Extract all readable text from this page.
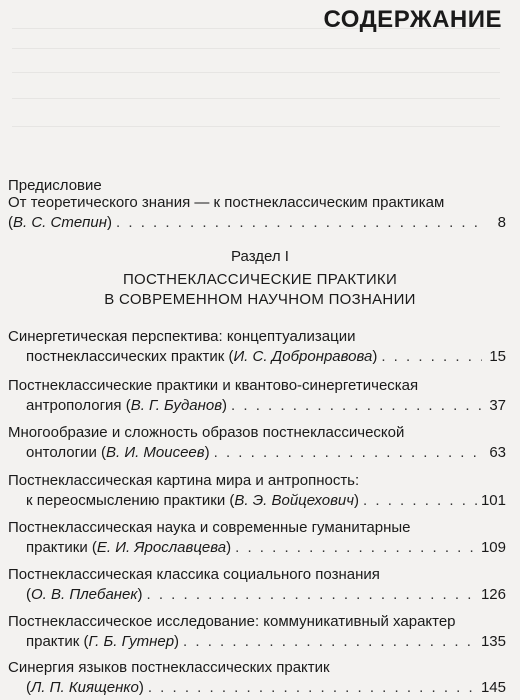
СОДЕРЖАНИЕ
Предисловие
От теоретического знания — к постнеклассическим практикам
(В. С. Степин) . . .	8
Раздел I
ПОСТНЕКЛАССИЧЕСКИЕ ПРАКТИКИ
В СОВРЕМЕННОМ НАУЧНОМ ПОЗНАНИИ
Синергетическая перспектива: концептуализации
постнеклассических практик (И. С. Добронравова) . . .	15
Постнеклассические практики и квантово-синергетическая
антропология (В. Г. Буданов) . . .	37
Многообразие и сложность образов постнеклассической
онтологии (В. И. Моисеев) . . .	63
Постнеклассическая картина мира и антропность:
к переосмыслению практики (В. Э. Войцехович) . . .	101
Постнеклассическая наука и современные гуманитарные
практики (Е. И. Ярославцева) . . .	109
Постнеклассическая классика социального познания
(О. В. Плебанек) . . .	126
Постнеклассическое исследование: коммуникативный характер
практик (Г. Б. Гутнер) . . .	135
Синергия языков постнеклассических практик
(Л. П. Киященко) . . .	145
